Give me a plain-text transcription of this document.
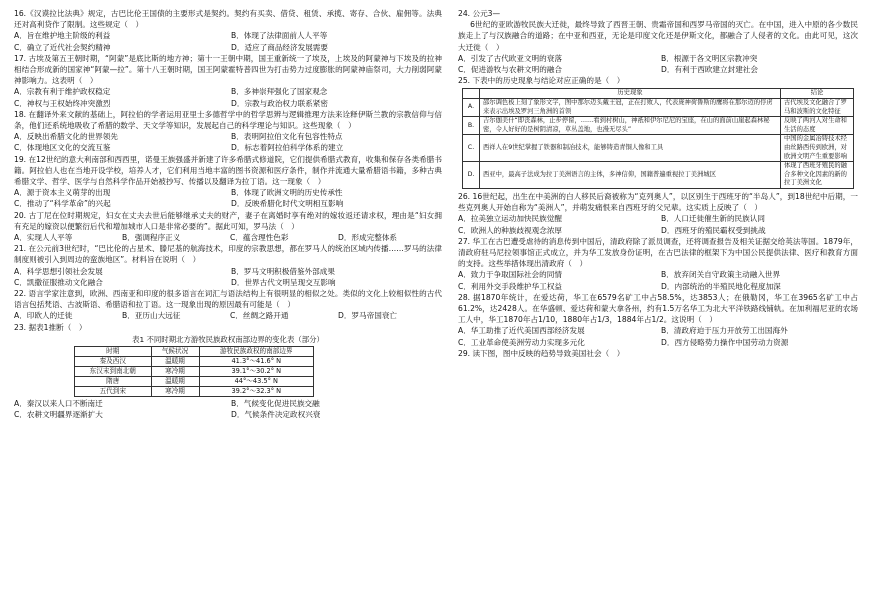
16.《汉谟拉比法典》规定，古巴比伦王国债的主要形式是契约。契约有买卖、借贷、租赁、承揽、寄存、合伙、雇佣等。法典还对高利贷作了限制。这些规定（　）

A．旨在维护地主阶级的利益	B．体现了法律面前人人平等
C．确立了近代社会契约精神	D．适应了商品经济发展需要

17. 古埃及第五王朝时期，“阿蒙”是底比斯的地方神；第十一王朝中期，国王重新统一了埃及，上埃及的阿蒙神与下埃及的拉神相结合形成新的国家神“阿蒙—拉”。第十八王朝时期，国王阿蒙霍特普四世为打击势力过度膨胀的阿蒙神庙祭司，大力削弱阿蒙神影响力。这表明（　）

A．宗教有利于维护政权稳定	B．多神崇拜强化了国家观念
C．神权与王权始终冲突激烈	D．宗教与政治权力联系紧密

18. 在翻译外来文献的基础上，阿拉伯的学者运用亚里士多德哲学中的哲学思辨与逻辑推理方法来诠释伊斯兰教的宗教信仰与信条，他们还系统地吸收了希腊的数学、天文学等知识，发展起自己的科学理论与知识。这些现象（　）

A．反映出希腊文化的世界领先	B．表明阿拉伯文化有包容性特点
C．体现地区文化的交流互鉴	D．标志着阿拉伯科学体系的建立

19. 在12世纪的意大利南部和西西里，诺曼王族强盛并新建了许多希腊式修道院，它们提供希腊式教育，收集和保存各类希腊书籍。阿拉伯人也在当地开设学校，培养人才，它们利用当地丰富的图书资源和医疗条件，制作并流通大量希腊语书籍，多种古典希腊文学、哲学、医学与自然科学作品开始被抄写、传播以及翻译为拉丁语。这一现象（　）

A．源于资本主义萌芽的出现	B．体现了欧洲文明的历史传承性
C．推动了“科学革命”的兴起	D．反映希腊化时代文明相互影响

20. 古丁尼在位时期规定，妇女在丈夫去世后能够继承丈夫的财产，妻子在离婚时享有绝对的嫁妆返还请求权，理由是“妇女拥有充足的嫁资以便繁衍后代和增加城市人口是非常必要的”。据此可知，罗马法（　）

A．实现人人平等	B．强调程序正义	C．蕴含理性色彩	D．形成完整体系

21. 在公元前3世纪时，“巴比伦的占星术、滕尼基的航海技术，印度的宗教思想，都在罗马人的统治区域内传播……罗马的法律制度则被引入到周边的蛮族地区”。材料旨在说明（　）

A．科学思想引领社会发展	B．罗马文明积极借鉴外部成果
C．凯撒征服推动文化融合	D．世界古代文明呈现交互影响

22. 语言学家注意到，欧洲、西南亚和印度的很多语言在词汇与语法结构上有很明显的相似之处。类似的文化上较相似性的古代语言包括梵语、古波斯语、希腊语和拉丁语。这一现象出现的原因最有可能是（　）

A．印欧人的迁徙	B．亚历山大远征	C．丝绸之路开通	D．罗马帝国衰亡

23. 据表1推断（　）

表1 不同时期北方游牧民族政权南部边界的变化表（部分）
时期	气候状况	游牧民族政权的南部边界
秦及西汉	温暖期	41.3°～41.6° N
东汉末到南北朝	寒冷期	39.1°～30.2° N
隋唐	温暖期	44°～43.5° N
五代到宋	寒冷期	39.2°～32.3° N
A．秦汉以来人口不断南迁	B．气候变化促进民族交融
C．农耕文明疆界逐渐扩大	D．气候条件决定政权兴衰

24. 公元3—

6世纪的亚欧游牧民族大迁徙，最终导致了西晋王朝、贵霜帝国和西罗马帝国的灭亡。在中国，进入中原的各少数民族走上了与汉族融合的道路；在中亚和西亚，无论是印度文化还是伊斯文化，都融合了人侵者的文化。由此可见，这次大迁徙（　）

A．引发了古代欧亚文明的衰落	B．根源于各文明区宗教冲突
C．促进游牧与农耕文明的融合	D．有利于西欧建立封建社会

25. 下表中的历史现象与结论对应正确的是（　）

	历史现象	结论
A.	邵尔调色板上刻了象形文字，图中那尔迈头戴王冠，正在打败人，代表庞神荷鲁斯的鹰将在那尔迈的俘虏来表示出埃及罗河三角洲的首领	古代埃及文化融合了罗马和波斯的文化特征
B.	吉尔伽美什“即丧森林，止步停留，……看到村树山，神祇和伊尔尼尼的宝座，在山的面前山崖起森林秘密，令人好好的是树阴清凉，草丛盖地，也漫无尽头”	反映了两河人对生命和生活的态度
C.	西祥人在9世纪掌握了铁器和制冶技术，能够铸造青铜人像和工具	中国的金属冶铸技术经由丝路西传到欧洲，对欧洲文明产生重要影响
D.	西亚中，最高子法成为拉丁美洲语言的主体，多神信仰，国籍普遍重视拉丁美洲城区	体现了西班牙殖民的融合多种文化因素的新的拉丁美洲文化

26. 16世纪起，出生在中美洲的白人移民后裔被称为“克列奥人”，以区别生于西班牙的“半岛人”，到18世纪中后期，一些克列奥人开始自称为“美洲人”，并萌发痛恨来自西班牙的父兄辈。这实质上反映了（　）

A．拉美独立运动加快民族觉醒	B．人口迁徙催生新的民族认同
C．欧洲人的种族歧视观念浓厚	D．西班牙的殖民霸权受到挑战

27. 华工在古巴遭受虐待的消息传到中国后，清政府除了派员调查，还将调查报告及相关证据交给英法等国。1879年，清政府驻马尼拉领事馆正式成立，并为华工发放身份证明，在古巴法律的框架下为中国公民提供法律、医疗和教育方面的支持。这些举措体现出清政府（　）

A．致力于争取国际社会的同情	B．放弃闭关自守政策主动融入世界
C．利用外交手段维护华工权益	D．内部统治的半殖民地化程度加深

28. 据1870年统计，在爱达荷，华工在6579名矿工中占58.5%，达3853人；在俄勒冈，华工在3965名矿工中占61.2%，达2428人。在华盛顿、爱达荷和蒙大拿各州，约有1.5万名华工为北大平洋铁路线铺轨。在加利福尼亚的农场工人中，华工1870年占1/10，1880年占1/3，1884年占1/2。这说明（　）

A．华工助推了近代美国西部经济发展	B．清政府迫于压力开放劳工出国海外
C．工业革命使美洲劳动力实现多元化	D．西方侵略势力操作中国劳动力资源

29. 读下图，图中反映的趋势导致美国社会（　）
